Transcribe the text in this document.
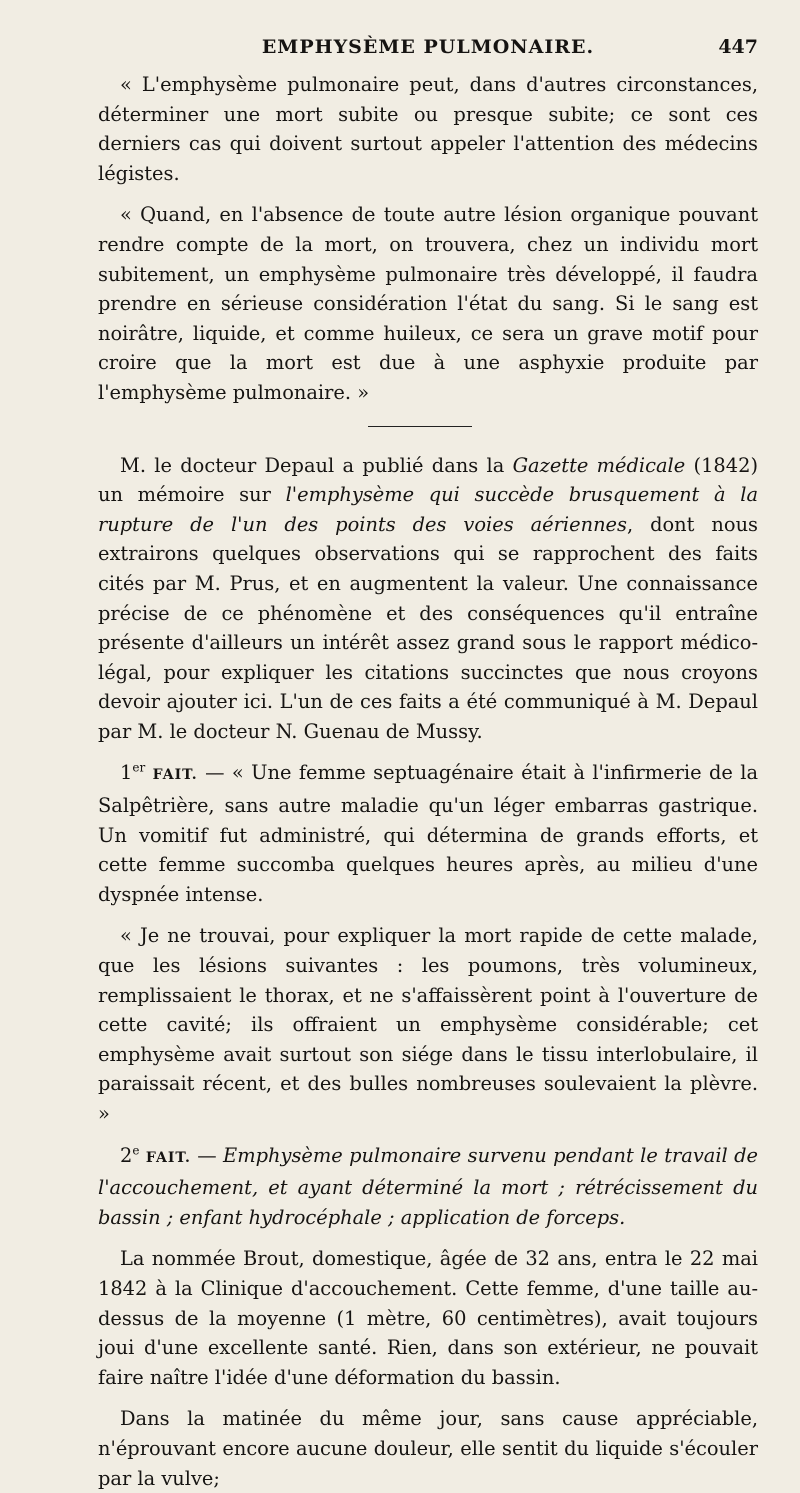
EMPHYSÈME PULMONAIRE.	447

« L'emphysème pulmonaire peut, dans d'autres circonstances, déterminer une mort subite ou presque subite; ce sont ces derniers cas qui doivent surtout appeler l'attention des médecins légistes.

« Quand, en l'absence de toute autre lésion organique pouvant rendre compte de la mort, on trouvera, chez un individu mort subitement, un emphysème pulmonaire très développé, il faudra prendre en sérieuse considération l'état du sang. Si le sang est noirâtre, liquide, et comme huileux, ce sera un grave motif pour croire que la mort est due à une asphyxie produite par l'emphysème pulmonaire. »

M. le docteur Depaul a publié dans la Gazette médicale (1842) un mémoire sur l'emphysème qui succède brusquement à la rupture de l'un des points des voies aériennes, dont nous extrairons quelques observations qui se rapprochent des faits cités par M. Prus, et en augmentent la valeur. Une connaissance précise de ce phénomène et des conséquences qu'il entraîne présente d'ailleurs un intérêt assez grand sous le rapport médico-légal, pour expliquer les citations succinctes que nous croyons devoir ajouter ici. L'un de ces faits a été communiqué à M. Depaul par M. le docteur N. Guenau de Mussy.

1er FAIT. — « Une femme septuagénaire était à l'infirmerie de la Salpêtrière, sans autre maladie qu'un léger embarras gastrique. Un vomitif fut administré, qui détermina de grands efforts, et cette femme succomba quelques heures après, au milieu d'une dyspnée intense.

« Je ne trouvai, pour expliquer la mort rapide de cette malade, que les lésions suivantes : les poumons, très volumineux, remplissaient le thorax, et ne s'affaissèrent point à l'ouverture de cette cavité; ils offraient un emphysème considérable; cet emphysème avait surtout son siége dans le tissu interlobulaire, il paraissait récent, et des bulles nombreuses soulevaient la plèvre. »

2e FAIT. — Emphysème pulmonaire survenu pendant le travail de l'accouchement, et ayant déterminé la mort ; rétrécissement du bassin ; enfant hydrocéphale ; application de forceps.

La nommée Brout, domestique, âgée de 32 ans, entra le 22 mai 1842 à la Clinique d'accouchement. Cette femme, d'une taille au-dessus de la moyenne (1 mètre, 60 centimètres), avait toujours joui d'une excellente santé. Rien, dans son extérieur, ne pouvait faire naître l'idée d'une déformation du bassin.

Dans la matinée du même jour, sans cause appréciable, n'éprouvant encore aucune douleur, elle sentit du liquide s'écouler par la vulve;
